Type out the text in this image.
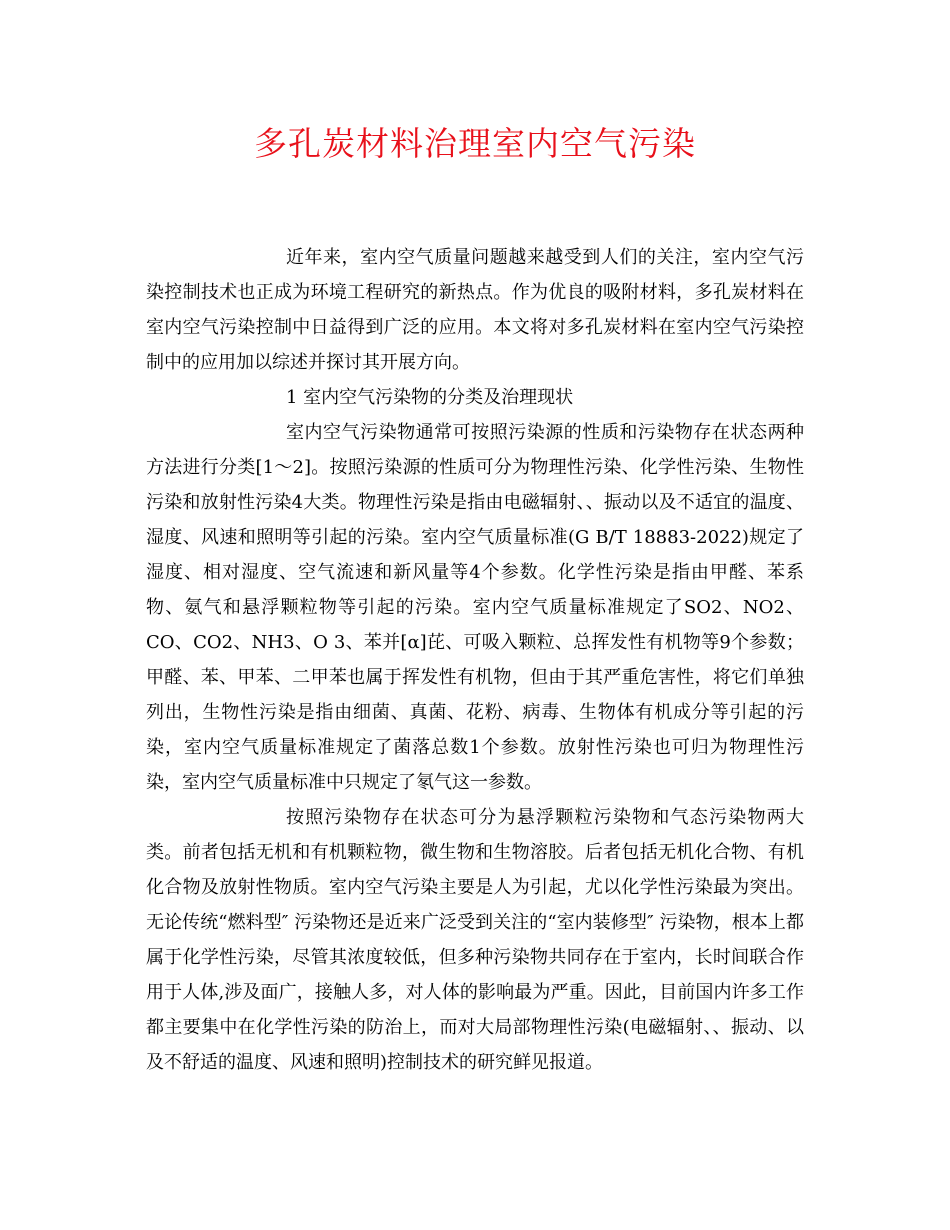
多孔炭材料治理室内空气污染

近年来，室内空气质量问题越来越受到人们的关注，室内空气污染控制技术也正成为环境工程研究的新热点。作为优良的吸附材料，多孔炭材料在室内空气污染控制中日益得到广泛的应用。本文将对多孔炭材料在室内空气污染控制中的应用加以综述并探讨其开展方向。

1 室内空气污染物的分类及治理现状

室内空气污染物通常可按照污染源的性质和污染物存在状态两种方法进行分类[1～2]。按照污染源的性质可分为物理性污染、化学性污染、生物性污染和放射性污染4大类。物理性污染是指由电磁辐射、、振动以及不适宜的温度、湿度、风速和照明等引起的污染。室内空气质量标准(G B/T 18883-2022)规定了湿度、相对湿度、空气流速和新风量等4个参数。化学性污染是指由甲醛、苯系物、氨气和悬浮颗粒物等引起的污染。室内空气质量标准规定了SO2、NO2、CO、CO2、NH3、O 3、苯并[α]芘、可吸入颗粒、总挥发性有机物等9个参数；甲醛、苯、甲苯、二甲苯也属于挥发性有机物，但由于其严重危害性，将它们单独列出，生物性污染是指由细菌、真菌、花粉、病毒、生物体有机成分等引起的污染，室内空气质量标准规定了菌落总数1个参数。放射性污染也可归为物理性污染，室内空气质量标准中只规定了氡气这一参数。

按照污染物存在状态可分为悬浮颗粒污染物和气态污染物两大类。前者包括无机和有机颗粒物，微生物和生物溶胶。后者包括无机化合物、有机化合物及放射性物质。室内空气污染主要是人为引起，尤以化学性污染最为突出。无论传统“燃料型″ 污染物还是近来广泛受到关注的“室内装修型″ 污染物，根本上都属于化学性污染，尽管其浓度较低，但多种污染物共同存在于室内，长时间联合作用于人体,涉及面广，接触人多，对人体的影响最为严重。因此，目前国内许多工作都主要集中在化学性污染的防治上，而对大局部物理性污染(电磁辐射、、振动、以及不舒适的温度、风速和照明)控制技术的研究鲜见报道。
